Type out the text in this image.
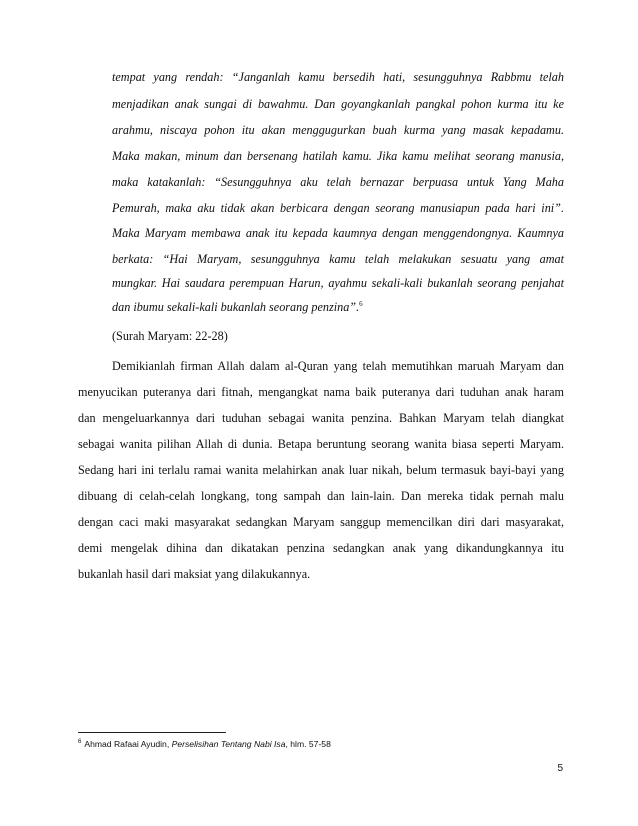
tempat yang rendah: “Janganlah kamu bersedih hati, sesungguhnya Rabbmu telah
menjadikan anak sungai di bawahmu. Dan goyangkanlah pangkal pohon kurma itu ke
arahmu, niscaya pohon itu akan menggugurkan buah kurma yang masak kepadamu.
Maka makan, minum dan bersenang hatilah kamu. Jika kamu melihat seorang manusia,
maka katakanlah: “Sesungguhnya aku telah bernazar berpuasa untuk Yang Maha
Pemurah, maka aku tidak akan berbicara dengan seorang manusiapun pada hari ini”.
Maka Maryam membawa anak itu kepada kaumnya dengan menggendongnya. Kaumnya
berkata: “Hai Maryam, sesungguhnya kamu telah melakukan sesuatu yang amat
mungkar. Hai saudara perempuan Harun, ayahmu sekali-kali bukanlah seorang penjahat
dan ibumu sekali-kali bukanlah seorang penzina”.$^6$
(Surah Maryam: 22-28)
Demikianlah firman Allah dalam al-Quran yang telah memutihkan maruah Maryam dan
menyucikan puteranya dari fitnah, mengangkat nama baik puteranya dari tuduhan anak haram
dan mengeluarkannya dari tuduhan sebagai wanita penzina. Bahkan Maryam telah diangkat
sebagai wanita pilihan Allah di dunia. Betapa beruntung seorang wanita biasa seperti Maryam.
Sedang hari ini terlalu ramai wanita melahirkan anak luar nikah, belum termasuk bayi-bayi yang
dibuang di celah-celah longkang, tong sampah dan lain-lain. Dan mereka tidak pernah malu
dengan caci maki masyarakat sedangkan Maryam sanggup memencilkan diri dari masyarakat,
demi mengelak dihina dan dikatakan penzina sedangkan anak yang dikandungkannya itu
bukanlah hasil dari maksiat yang dilakukannya.
$^6$ Ahmad Rafaai Ayudin, Perselisihan Tentang Nabi Isa, hlm. 57-58
5
